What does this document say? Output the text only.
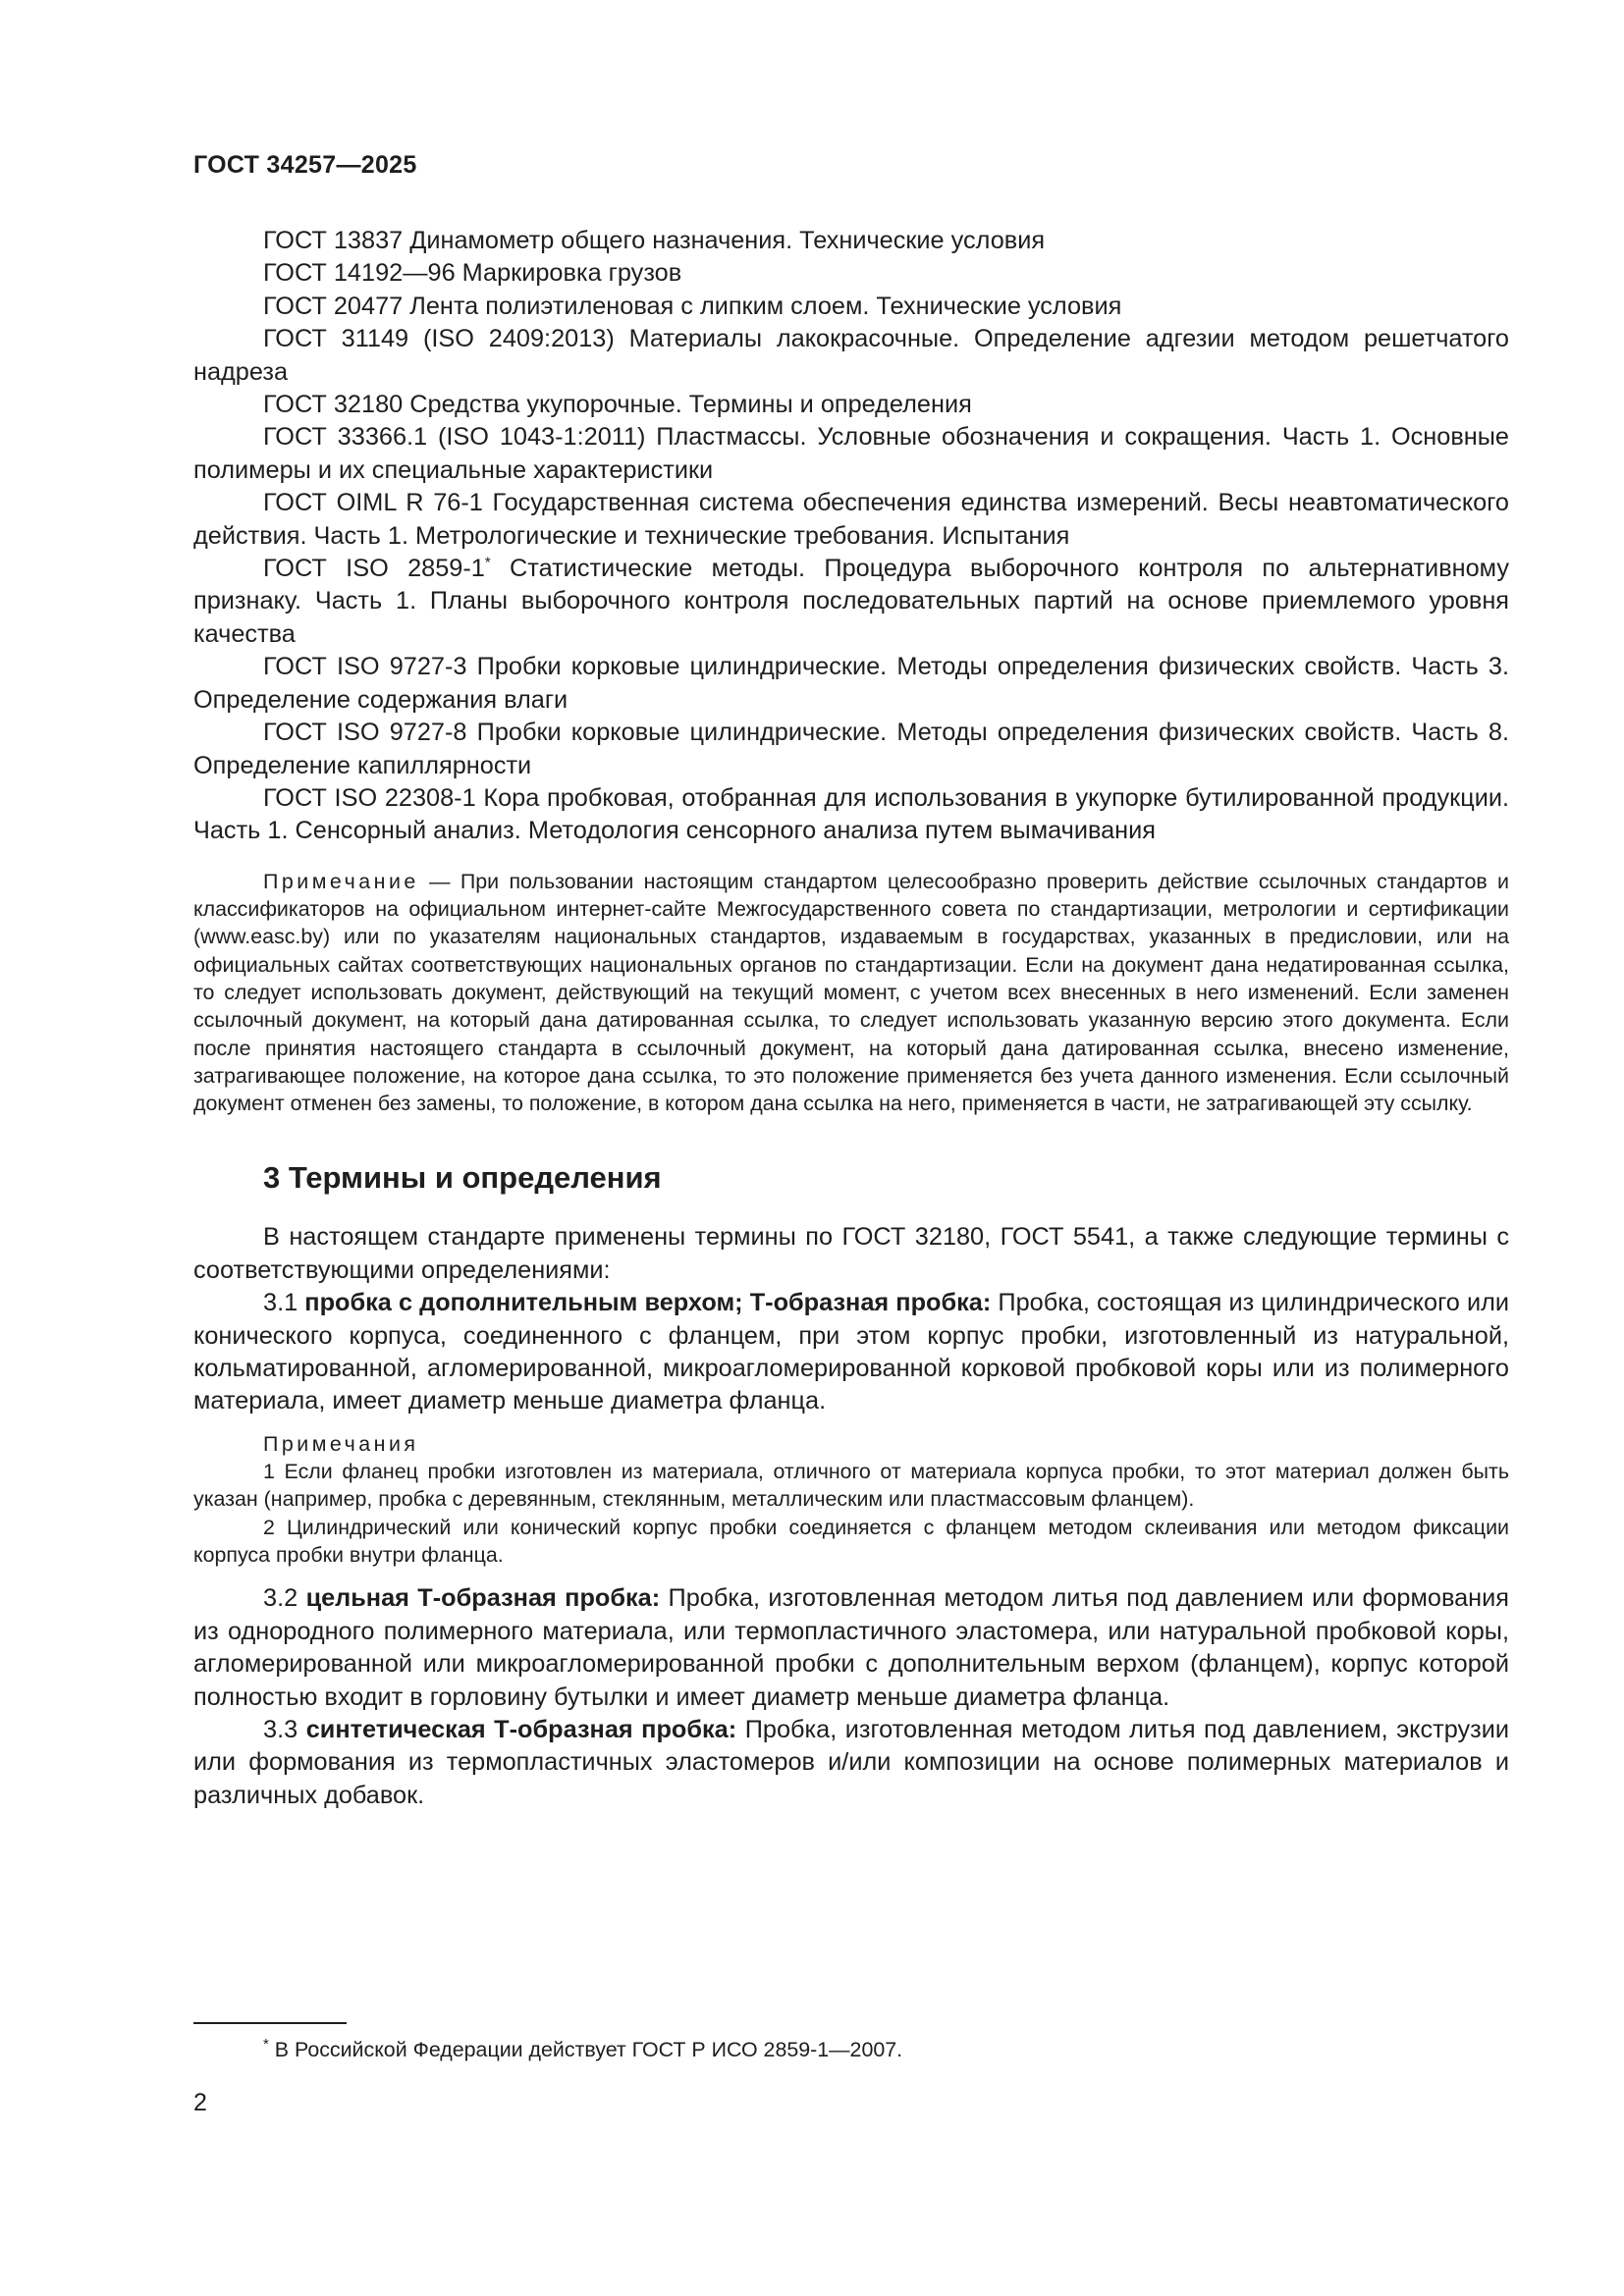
ГОСТ 34257—2025

ГОСТ 13837 Динамометр общего назначения. Технические условия

ГОСТ 14192—96 Маркировка грузов

ГОСТ 20477 Лента полиэтиленовая с липким слоем. Технические условия

ГОСТ 31149 (ISO 2409:2013) Материалы лакокрасочные. Определение адгезии методом решетчатого надреза

ГОСТ 32180 Средства укупорочные. Термины и определения

ГОСТ 33366.1 (ISO 1043-1:2011) Пластмассы. Условные обозначения и сокращения. Часть 1. Основные полимеры и их специальные характеристики

ГОСТ OIML R 76-1 Государственная система обеспечения единства измерений. Весы неавтоматического действия. Часть 1. Метрологические и технические требования. Испытания

ГОСТ ISO 2859-1* Статистические методы. Процедура выборочного контроля по альтернативному признаку. Часть 1. Планы выборочного контроля последовательных партий на основе приемлемого уровня качества

ГОСТ ISO 9727-3 Пробки корковые цилиндрические. Методы определения физических свойств. Часть 3. Определение содержания влаги

ГОСТ ISO 9727-8 Пробки корковые цилиндрические. Методы определения физических свойств. Часть 8. Определение капиллярности

ГОСТ ISO 22308-1 Кора пробковая, отобранная для использования в укупорке бутилированной продукции. Часть 1. Сенсорный анализ. Методология сенсорного анализа путем вымачивания

Примечание — При пользовании настоящим стандартом целесообразно проверить действие ссылочных стандартов и классификаторов на официальном интернет-сайте Межгосударственного совета по стандартизации, метрологии и сертификации (www.easc.by) или по указателям национальных стандартов, издаваемым в государствах, указанных в предисловии, или на официальных сайтах соответствующих национальных органов по стандартизации. Если на документ дана недатированная ссылка, то следует использовать документ, действующий на текущий момент, с учетом всех внесенных в него изменений. Если заменен ссылочный документ, на который дана датированная ссылка, то следует использовать указанную версию этого документа. Если после принятия настоящего стандарта в ссылочный документ, на который дана датированная ссылка, внесено изменение, затрагивающее положение, на которое дана ссылка, то это положение применяется без учета данного изменения. Если ссылочный документ отменен без замены, то положение, в котором дана ссылка на него, применяется в части, не затрагивающей эту ссылку.

3 Термины и определения

В настоящем стандарте применены термины по ГОСТ 32180, ГОСТ 5541, а также следующие термины с соответствующими определениями:

3.1 пробка с дополнительным верхом; Т-образная пробка: Пробка, состоящая из цилиндрического или конического корпуса, соединенного с фланцем, при этом корпус пробки, изготовленный из натуральной, кольматированной, агломерированной, микроагломерированной корковой пробковой коры или из полимерного материала, имеет диаметр меньше диаметра фланца.

Примечания

1 Если фланец пробки изготовлен из материала, отличного от материала корпуса пробки, то этот материал должен быть указан (например, пробка с деревянным, стеклянным, металлическим или пластмассовым фланцем).

2 Цилиндрический или конический корпус пробки соединяется с фланцем методом склеивания или методом фиксации корпуса пробки внутри фланца.

3.2 цельная Т-образная пробка: Пробка, изготовленная методом литья под давлением или формования из однородного полимерного материала, или термопластичного эластомера, или натуральной пробковой коры, агломерированной или микроагломерированной пробки с дополнительным верхом (фланцем), корпус которой полностью входит в горловину бутылки и имеет диаметр меньше диаметра фланца.

3.3 синтетическая Т-образная пробка: Пробка, изготовленная методом литья под давлением, экструзии или формования из термопластичных эластомеров и/или композиции на основе полимерных материалов и различных добавок.

* В Российской Федерации действует ГОСТ Р ИСО 2859-1—2007.
2
